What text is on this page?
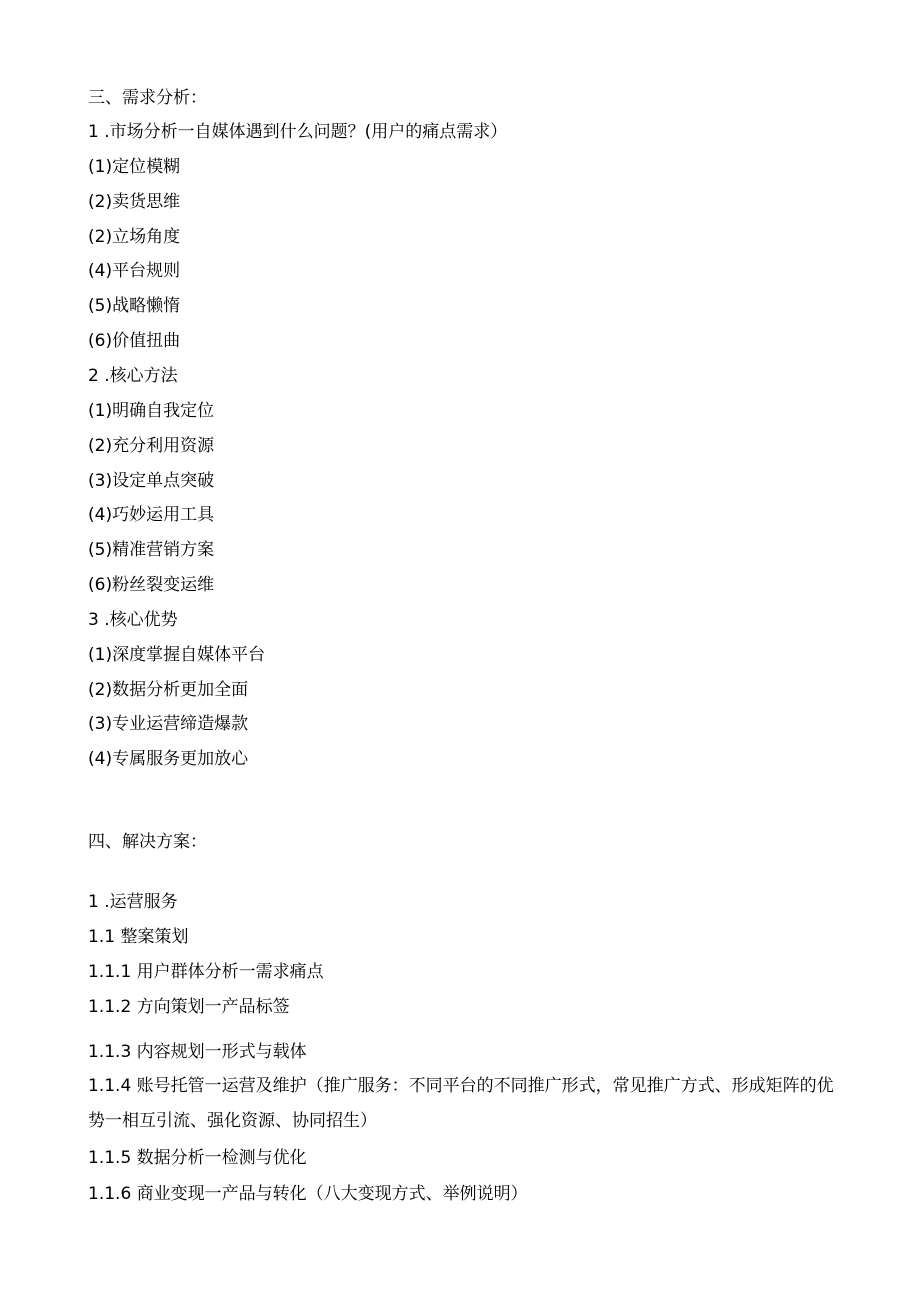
三、需求分析：
1 .市场分析一自媒体遇到什么问题？(用户的痛点需求）
(1)定位模糊
(2)卖货思维
(2)立场角度
(4)平台规则
(5)战略懒惰
(6)价值扭曲
2 .核心方法
(1)明确自我定位
(2)充分利用资源
(3)设定单点突破
(4)巧妙运用工具
(5)精准营销方案
(6)粉丝裂变运维
3 .核心优势
(1)深度掌握自媒体平台
(2)数据分析更加全面
(3)专业运营缔造爆款
(4)专属服务更加放心
四、解决方案：
1 .运营服务
1.1 整案策划
1.1.1 用户群体分析一需求痛点
1.1.2 方向策划一产品标签
1.1.3 内容规划一形式与载体
1.1.4 账号托管一运营及维护（推广服务：不同平台的不同推广形式，常见推广方式、形成矩阵的优势一相互引流、强化资源、协同招生）
1.1.5 数据分析一检测与优化
1.1.6 商业变现一产品与转化（八大变现方式、举例说明）
